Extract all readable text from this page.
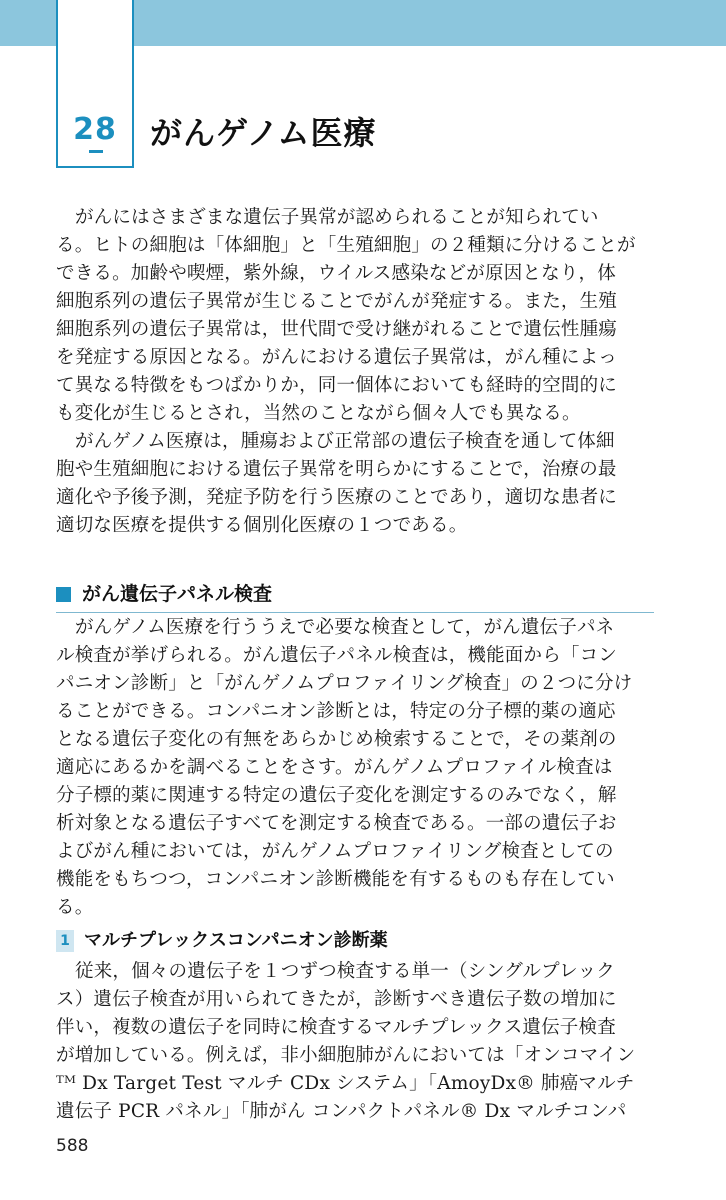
28	がんゲノム医療
がんにはさまざまな遺伝子異常が認められることが知られてい
る。ヒトの細胞は「体細胞」と「生殖細胞」の２種類に分けることが
できる。加齢や喫煙，紫外線，ウイルス感染などが原因となり，体
細胞系列の遺伝子異常が生じることでがんが発症する。また，生殖
細胞系列の遺伝子異常は，世代間で受け継がれることで遺伝性腫瘍
を発症する原因となる。がんにおける遺伝子異常は，がん種によっ
て異なる特徴をもつばかりか，同一個体においても経時的空間的に
も変化が生じるとされ，当然のことながら個々人でも異なる。
がんゲノム医療は，腫瘍および正常部の遺伝子検査を通して体細
胞や生殖細胞における遺伝子異常を明らかにすることで，治療の最
適化や予後予測，発症予防を行う医療のことであり，適切な患者に
適切な医療を提供する個別化医療の１つである。
がん遺伝子パネル検査
がんゲノム医療を行ううえで必要な検査として，がん遺伝子パネ
ル検査が挙げられる。がん遺伝子パネル検査は，機能面から「コン
パニオン診断」と「がんゲノムプロファイリング検査」の２つに分け
ることができる。コンパニオン診断とは，特定の分子標的薬の適応
となる遺伝子変化の有無をあらかじめ検索することで，その薬剤の
適応にあるかを調べることをさす。がんゲノムプロファイル検査は
分子標的薬に関連する特定の遺伝子変化を測定するのみでなく，解
析対象となる遺伝子すべてを測定する検査である。一部の遺伝子お
よびがん種においては，がんゲノムプロファイリング検査としての
機能をもちつつ，コンパニオン診断機能を有するものも存在してい
る。
1 マルチプレックスコンパニオン診断薬
従来，個々の遺伝子を１つずつ検査する単一（シングルプレック
ス）遺伝子検査が用いられてきたが，診断すべき遺伝子数の増加に
伴い，複数の遺伝子を同時に検査するマルチプレックス遺伝子検査
が増加している。例えば，非小細胞肺がんにおいては「オンコマイン
ᵀᴹ Dx Target Test マルチ CDx システム」「AmoyDx® 肺癌マルチ
遺伝子 PCR パネル」「肺がん コンパクトパネル® Dx マルチコンパ
588
